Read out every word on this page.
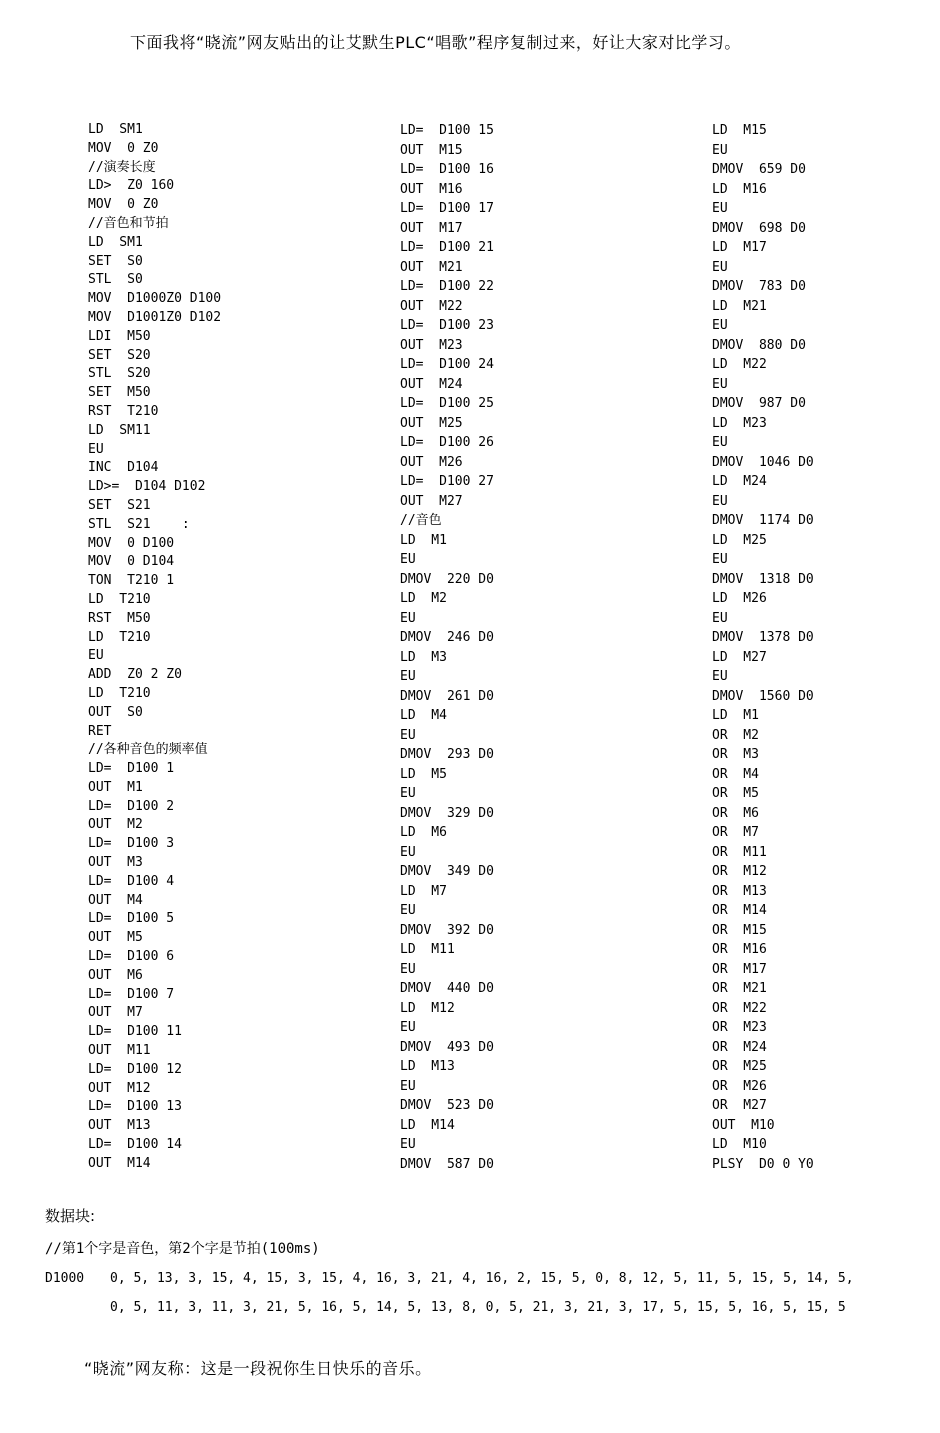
下面我将“晓流”网友贴出的让艾默生PLC“唱歌”程序复制过来，好让大家对比学习。
LD  SM1
MOV  0 Z0
//演奏长度
LD>  Z0 160
MOV  0 Z0
//音色和节拍
LD  SM1
SET  S0
STL  S0
MOV  D1000Z0 D100
MOV  D1001Z0 D102
LDI  M50
SET  S20
STL  S20
SET  M50
RST  T210
LD  SM11
EU
INC  D104
LD>=  D104 D102
SET  S21
STL  S21    :
MOV  0 D100
MOV  0 D104
TON  T210 1
LD  T210
RST  M50
LD  T210
EU
ADD  Z0 2 Z0
LD  T210
OUT  S0
RET
//各种音色的频率值
LD=  D100 1
OUT  M1
LD=  D100 2
OUT  M2
LD=  D100 3
OUT  M3
LD=  D100 4
OUT  M4
LD=  D100 5
OUT  M5
LD=  D100 6
OUT  M6
LD=  D100 7
OUT  M7
LD=  D100 11
OUT  M11
LD=  D100 12
OUT  M12
LD=  D100 13
OUT  M13
LD=  D100 14
OUT  M14
LD=  D100 15
OUT  M15
LD=  D100 16
OUT  M16
LD=  D100 17
OUT  M17
LD=  D100 21
OUT  M21
LD=  D100 22
OUT  M22
LD=  D100 23
OUT  M23
LD=  D100 24
OUT  M24
LD=  D100 25
OUT  M25
LD=  D100 26
OUT  M26
LD=  D100 27
OUT  M27
//音色
LD  M1
EU
DMOV  220 D0
LD  M2
EU
DMOV  246 D0
LD  M3
EU
DMOV  261 D0
LD  M4
EU
DMOV  293 D0
LD  M5
EU
DMOV  329 D0
LD  M6
EU
DMOV  349 D0
LD  M7
EU
DMOV  392 D0
LD  M11
EU
DMOV  440 D0
LD  M12
EU
DMOV  493 D0
LD  M13
EU
DMOV  523 D0
LD  M14
EU
DMOV  587 D0
LD  M15
EU
DMOV  659 D0
LD  M16
EU
DMOV  698 D0
LD  M17
EU
DMOV  783 D0
LD  M21
EU
DMOV  880 D0
LD  M22
EU
DMOV  987 D0
LD  M23
EU
DMOV  1046 D0
LD  M24
EU
DMOV  1174 D0
LD  M25
EU
DMOV  1318 D0
LD  M26
EU
DMOV  1378 D0
LD  M27
EU
DMOV  1560 D0
LD  M1
OR  M2
OR  M3
OR  M4
OR  M5
OR  M6
OR  M7
OR  M11
OR  M12
OR  M13
OR  M14
OR  M15
OR  M16
OR  M17
OR  M21
OR  M22
OR  M23
OR  M24
OR  M25
OR  M26
OR  M27
OUT  M10
LD  M10
PLSY  D0 0 Y0
数据块:
//第1个字是音色，第2个字是节拍(100ms)
D1000 0, 5, 13, 3, 15, 4, 15, 3, 15, 4, 16, 3, 21, 4, 16, 2, 15, 5, 0, 8, 12, 5, 11, 5, 15, 5, 14, 5,
0, 5, 11, 3, 11, 3, 21, 5, 16, 5, 14, 5, 13, 8, 0, 5, 21, 3, 21, 3, 17, 5, 15, 5, 16, 5, 15, 5
“晓流”网友称：这是一段祝你生日快乐的音乐。
